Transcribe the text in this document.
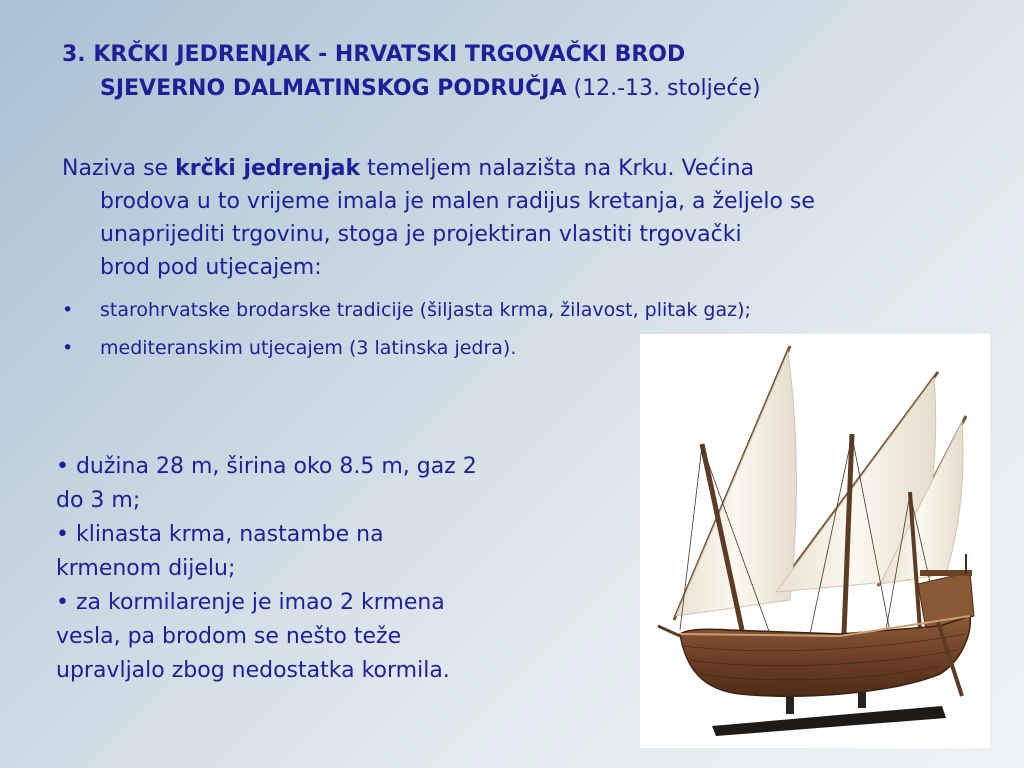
3. KRČKI JEDRENJAK - HRVATSKI TRGOVAČKI BROD
SJEVERNO DALMATINSKOG PODRUČJA (12.-13. stoljeće)
Naziva se krčki jedrenjak temeljem nalazišta na Krku. Većina
brodova u to vrijeme imala je malen radijus kretanja, a željelo se
unaprijediti trgovinu, stoga je projektiran vlastiti trgovački
brod pod utjecajem:
• starohrvatske brodarske tradicije (šiljasta krma, žilavost, plitak gaz);
• mediteranskim utjecajem (3 latinska jedra).
• dužina 28 m, širina oko 8.5 m, gaz 2
do 3 m;
• klinasta krma, nastambe na
krmenom dijelu;
• za kormilarenje je imao 2 krmena
vesla, pa brodom se nešto teže
upravljalo zbog nedostatka kormila.
